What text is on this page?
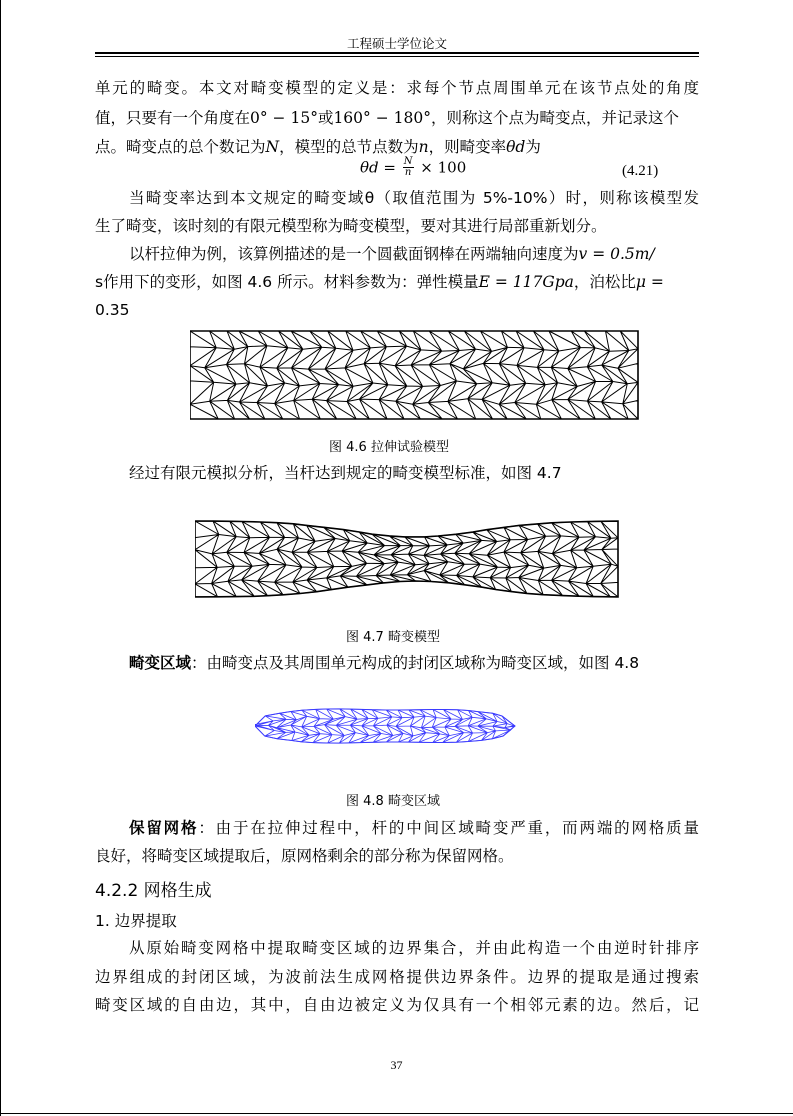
工程硕士学位论文
单元的畸变。本文对畸变模型的定义是：求每个节点周围单元在该节点处的角度
值，只要有一个角度在0° − 15°或160° − 180°，则称这个点为畸变点，并记录这个
点。畸变点的总个数记为N，模型的总节点数为n，则畸变率θd为
$\theta d = \frac{N}{n} \times 100$	(4.21)
当畸变率达到本文规定的畸变域θ（取值范围为 5%-10%）时，则称该模型发
生了畸变，该时刻的有限元模型称为畸变模型，要对其进行局部重新划分。
以杆拉伸为例，该算例描述的是一个圆截面钢棒在两端轴向速度为v = 0.5m/
s作用下的变形，如图 4.6 所示。材料参数为：弹性模量E = 117Gpa，泊松比μ =
0.35
图 4.6 拉伸试验模型
经过有限元模拟分析，当杆达到规定的畸变模型标准，如图 4.7
图 4.7 畸变模型
畸变区域：由畸变点及其周围单元构成的封闭区域称为畸变区域，如图 4.8
图 4.8 畸变区域
保留网格：由于在拉伸过程中，杆的中间区域畸变严重，而两端的网格质量
良好，将畸变区域提取后，原网格剩余的部分称为保留网格。
4.2.2 网格生成
1. 边界提取
从原始畸变网格中提取畸变区域的边界集合，并由此构造一个由逆时针排序
边界组成的封闭区域，为波前法生成网格提供边界条件。边界的提取是通过搜索
畸变区域的自由边，其中，自由边被定义为仅具有一个相邻元素的边。然后，记
37
